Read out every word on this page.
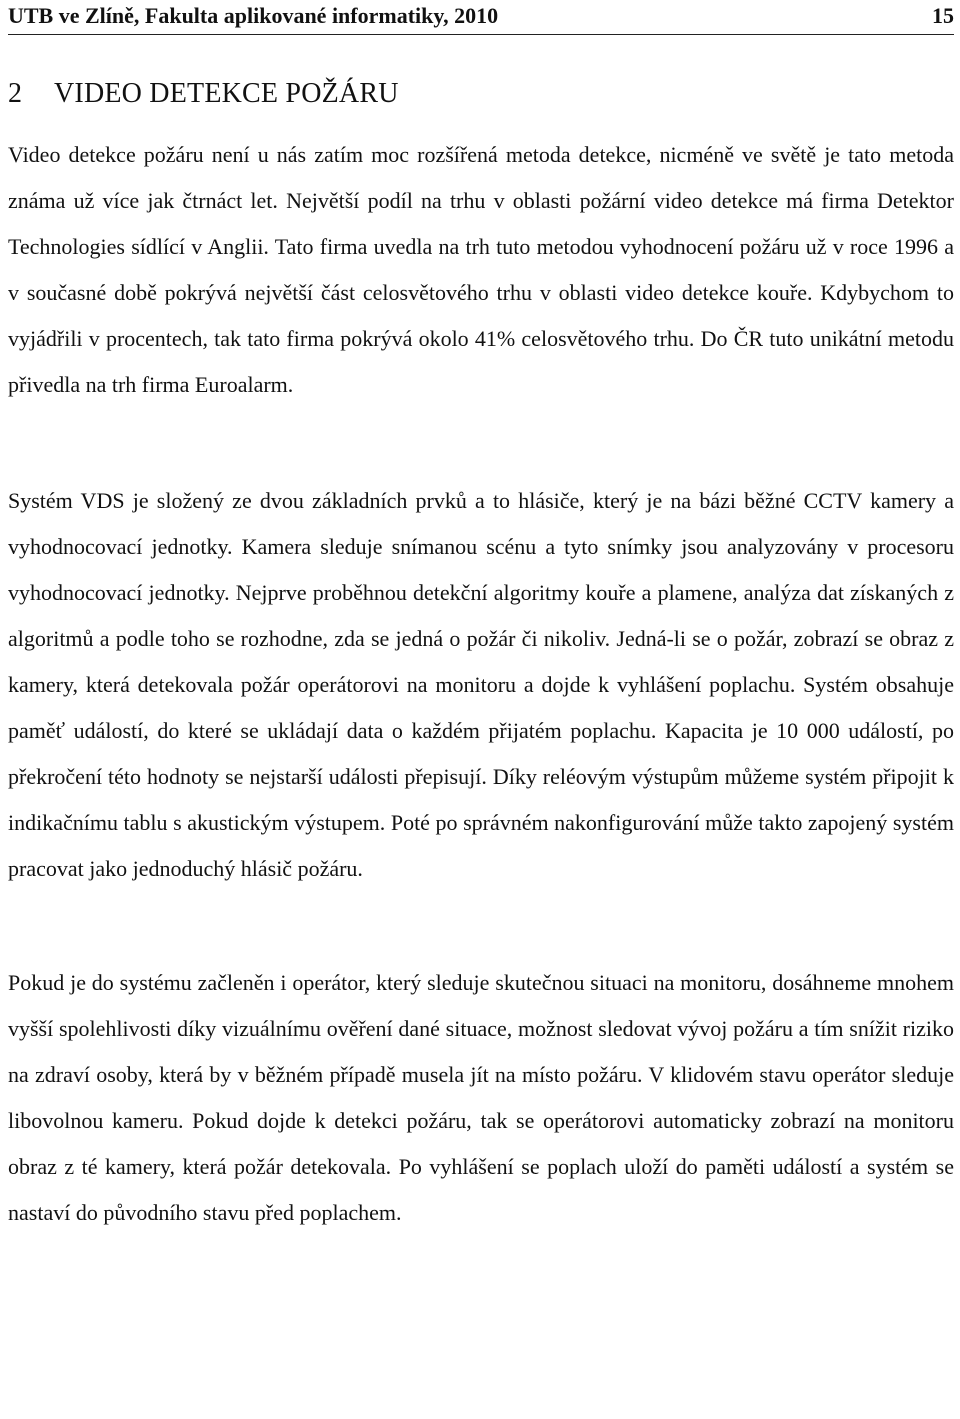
UTB ve Zlíně, Fakulta aplikované informatiky, 2010	15
2 VIDEO DETEKCE POŽÁRU

Video detekce požáru není u nás zatím moc rozšířená metoda detekce, nicméně ve světě je tato metoda známa už více jak čtrnáct let. Největší podíl na trhu v oblasti požární video detekce má firma Detektor Technologies sídlící v Anglii. Tato firma uvedla na trh tuto metodou vyhodnocení požáru už v roce 1996 a v současné době pokrývá největší část celosvětového trhu v oblasti video detekce kouře. Kdybychom to vyjádřili v procentech, tak tato firma pokrývá okolo 41% celosvětového trhu. Do ČR tuto unikátní metodu přivedla na trh firma Euroalarm.

Systém VDS je složený ze dvou základních prvků a to hlásiče, který je na bázi běžné CCTV kamery a vyhodnocovací jednotky. Kamera sleduje snímanou scénu a tyto snímky jsou analyzovány v procesoru vyhodnocovací jednotky. Nejprve proběhnou detekční algoritmy kouře a plamene, analýza dat získaných z algoritmů a podle toho se rozhodne, zda se jedná o požár či nikoliv. Jedná-li se o požár, zobrazí se obraz z kamery, která detekovala požár operátorovi na monitoru a dojde k vyhlášení poplachu. Systém obsahuje paměť událostí, do které se ukládají data o každém přijatém poplachu. Kapacita je 10 000 událostí, po překročení této hodnoty se nejstarší události přepisují. Díky reléovým výstupům můžeme systém připojit k indikačnímu tablu s akustickým výstupem. Poté po správném nakonfigurování může takto zapojený systém pracovat jako jednoduchý hlásič požáru.

Pokud je do systému začleněn i operátor, který sleduje skutečnou situaci na monitoru, dosáhneme mnohem vyšší spolehlivosti díky vizuálnímu ověření dané situace, možnost sledovat vývoj požáru a tím snížit riziko na zdraví osoby, která by v běžném případě musela jít na místo požáru. V klidovém stavu operátor sleduje libovolnou kameru. Pokud dojde k detekci požáru, tak se operátorovi automaticky zobrazí na monitoru obraz z té kamery, která požár detekovala. Po vyhlášení se poplach uloží do paměti událostí a systém se nastaví do původního stavu před poplachem.
